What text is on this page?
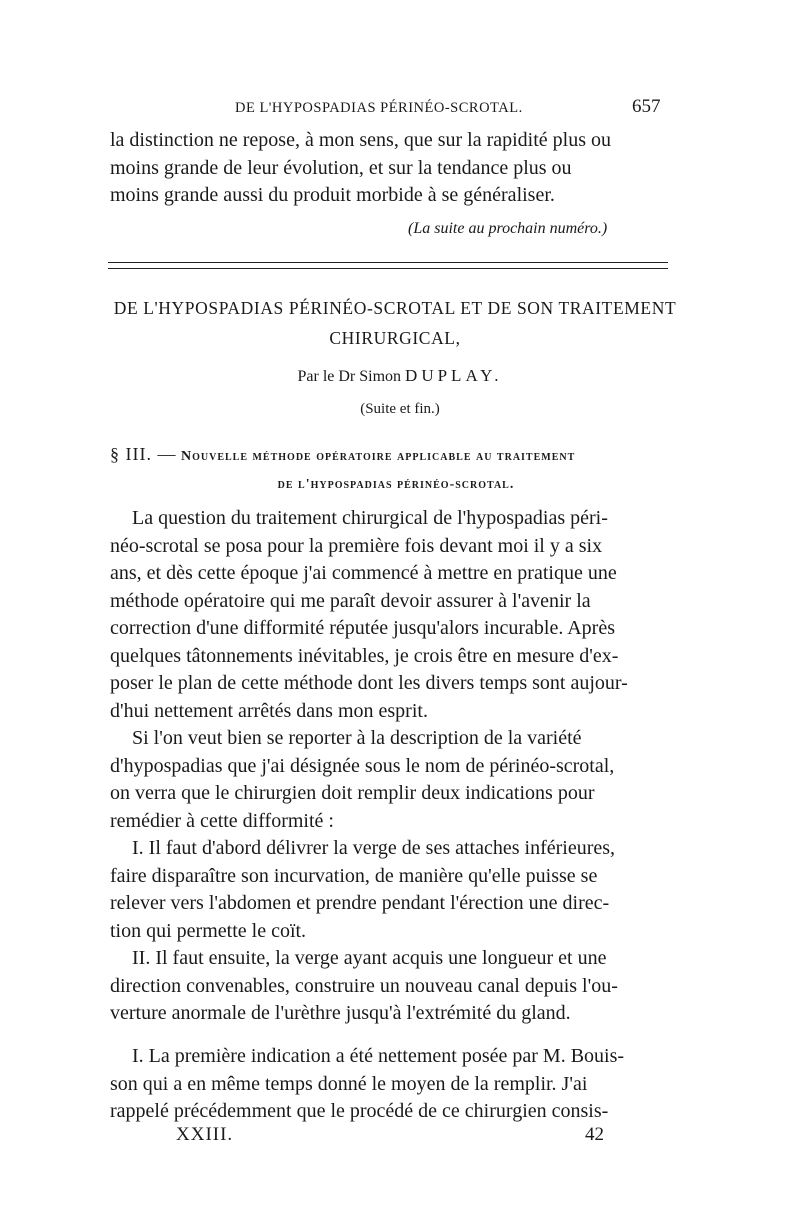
DE L'HYPOSPADIAS PÉRINÉO-SCROTAL.	657
la distinction ne repose, à mon sens, que sur la rapidité plus ou
moins grande de leur évolution, et sur la tendance plus ou
moins grande aussi du produit morbide à se généraliser.
(La suite au prochain numéro.)
DE L'HYPOSPADIAS PÉRINÉO-SCROTAL ET DE SON TRAITEMENT
CHIRURGICAL,
Par le Dr Simon DUPLAY.
(Suite et fin.)
§ III. — Nouvelle méthode opératoire applicable au traitement
de l'hypospadias périnéo-scrotal.
La question du traitement chirurgical de l'hypospadias péri-
néo-scrotal se posa pour la première fois devant moi il y a six
ans, et dès cette époque j'ai commencé à mettre en pratique une
méthode opératoire qui me paraît devoir assurer à l'avenir la
correction d'une difformité réputée jusqu'alors incurable. Après
quelques tâtonnements inévitables, je crois être en mesure d'ex-
poser le plan de cette méthode dont les divers temps sont aujour-
d'hui nettement arrêtés dans mon esprit.
Si l'on veut bien se reporter à la description de la variété
d'hypospadias que j'ai désignée sous le nom de périnéo-scrotal,
on verra que le chirurgien doit remplir deux indications pour
remédier à cette difformité :
I. Il faut d'abord délivrer la verge de ses attaches inférieures,
faire disparaître son incurvation, de manière qu'elle puisse se
relever vers l'abdomen et prendre pendant l'érection une direc-
tion qui permette le coït.
II. Il faut ensuite, la verge ayant acquis une longueur et une
direction convenables, construire un nouveau canal depuis l'ou-
verture anormale de l'urèthre jusqu'à l'extrémité du gland.
I. La première indication a été nettement posée par M. Bouis-
son qui a en même temps donné le moyen de la remplir. J'ai
rappelé précédemment que le procédé de ce chirurgien consis-
XXIII.	42
